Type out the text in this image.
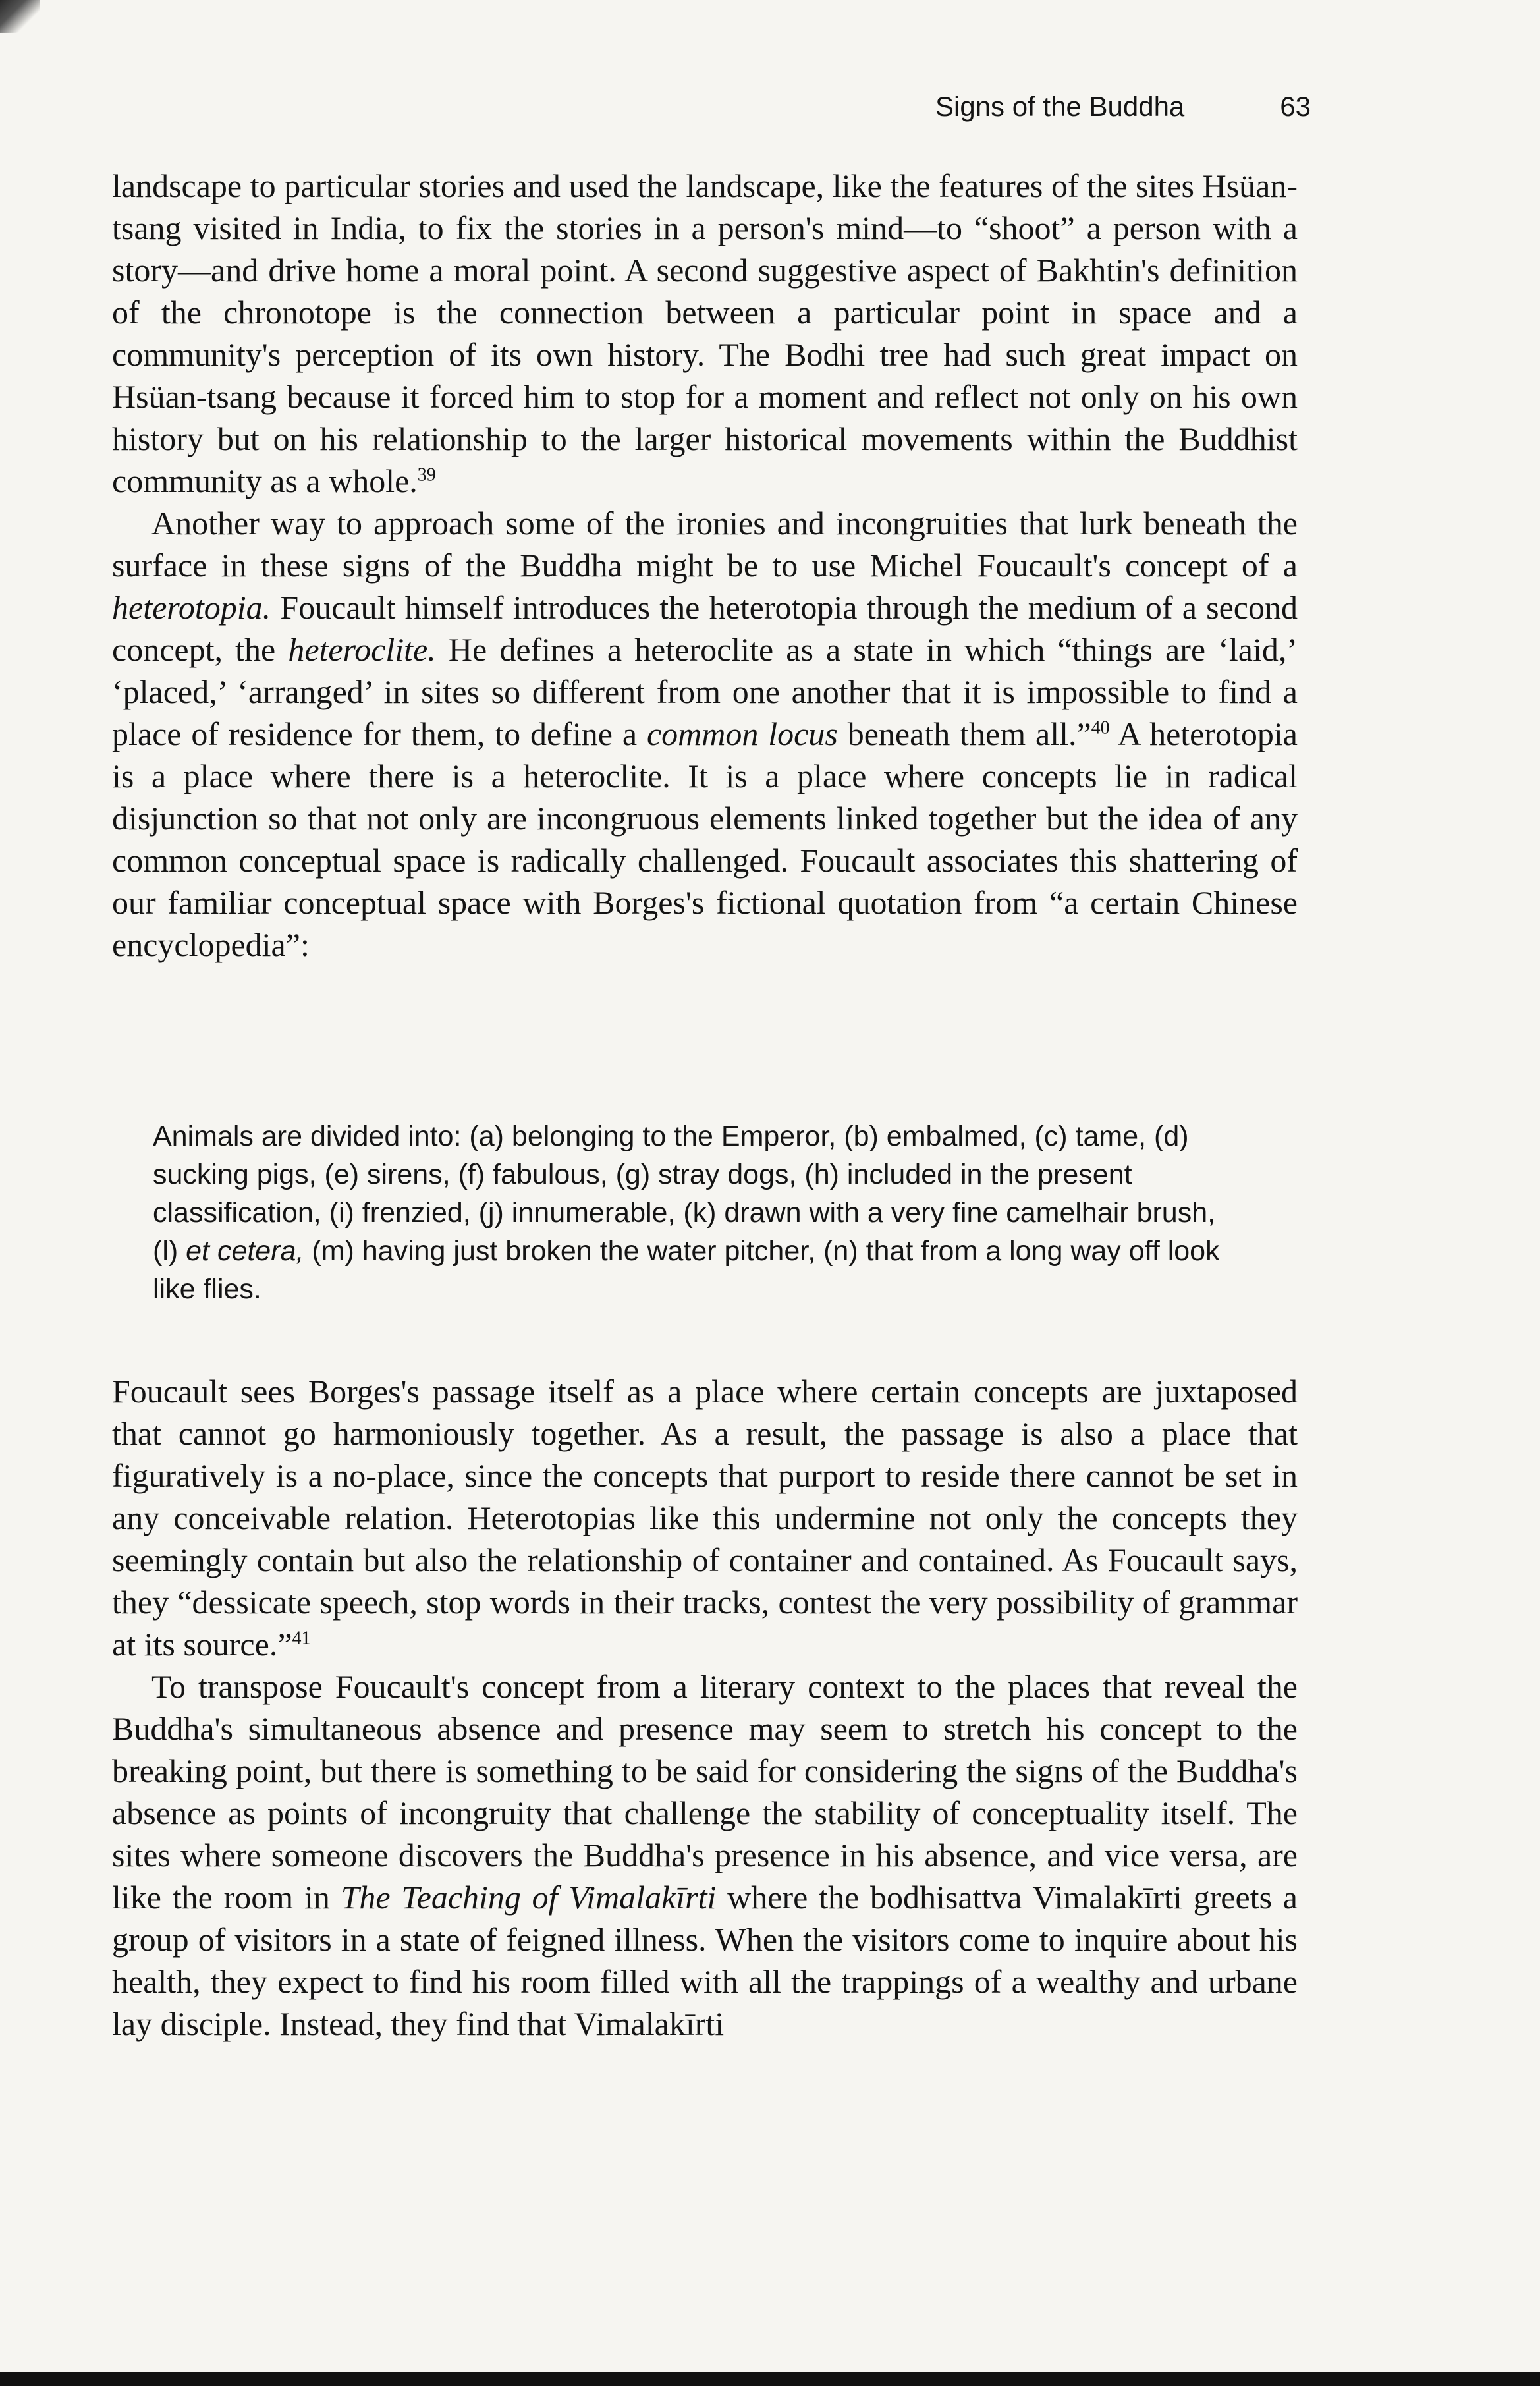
Signs of the Buddha	63

landscape to particular stories and used the landscape, like the features of the sites Hsüan-tsang visited in India, to fix the stories in a person's mind—to “shoot” a person with a story—and drive home a moral point. A second suggestive aspect of Bakhtin's definition of the chronotope is the connection between a particular point in space and a community's perception of its own history. The Bodhi tree had such great impact on Hsüan-tsang because it forced him to stop for a moment and reflect not only on his own history but on his relationship to the larger historical movements within the Buddhist community as a whole.$^{39}$

Another way to approach some of the ironies and incongruities that lurk beneath the surface in these signs of the Buddha might be to use Michel Foucault's concept of a heterotopia. Foucault himself introduces the heterotopia through the medium of a second concept, the heteroclite. He defines a heteroclite as a state in which “things are ‘laid,’ ‘placed,’ ‘arranged’ in sites so different from one another that it is impossible to find a place of residence for them, to define a common locus beneath them all.”$^{40}$ A heterotopia is a place where there is a heteroclite. It is a place where concepts lie in radical disjunction so that not only are incongruous elements linked together but the idea of any common conceptual space is radically challenged. Foucault associates this shattering of our familiar conceptual space with Borges's fictional quotation from “a certain Chinese encyclopedia”:

Animals are divided into: (a) belonging to the Emperor, (b) embalmed, (c) tame, (d) sucking pigs, (e) sirens, (f) fabulous, (g) stray dogs, (h) included in the present classification, (i) frenzied, (j) innumerable, (k) drawn with a very fine camelhair brush, (l) et cetera, (m) having just broken the water pitcher, (n) that from a long way off look like flies.

Foucault sees Borges's passage itself as a place where certain concepts are juxtaposed that cannot go harmoniously together. As a result, the passage is also a place that figuratively is a no-place, since the concepts that purport to reside there cannot be set in any conceivable relation. Heterotopias like this undermine not only the concepts they seemingly contain but also the relationship of container and contained. As Foucault says, they “dessicate speech, stop words in their tracks, contest the very possibility of grammar at its source.”$^{41}$

To transpose Foucault's concept from a literary context to the places that reveal the Buddha's simultaneous absence and presence may seem to stretch his concept to the breaking point, but there is something to be said for considering the signs of the Buddha's absence as points of incongruity that challenge the stability of conceptuality itself. The sites where someone discovers the Buddha's presence in his absence, and vice versa, are like the room in The Teaching of Vimalakīrti where the bodhisattva Vimalakīrti greets a group of visitors in a state of feigned illness. When the visitors come to inquire about his health, they expect to find his room filled with all the trappings of a wealthy and urbane lay disciple. Instead, they find that Vimalakīrti
